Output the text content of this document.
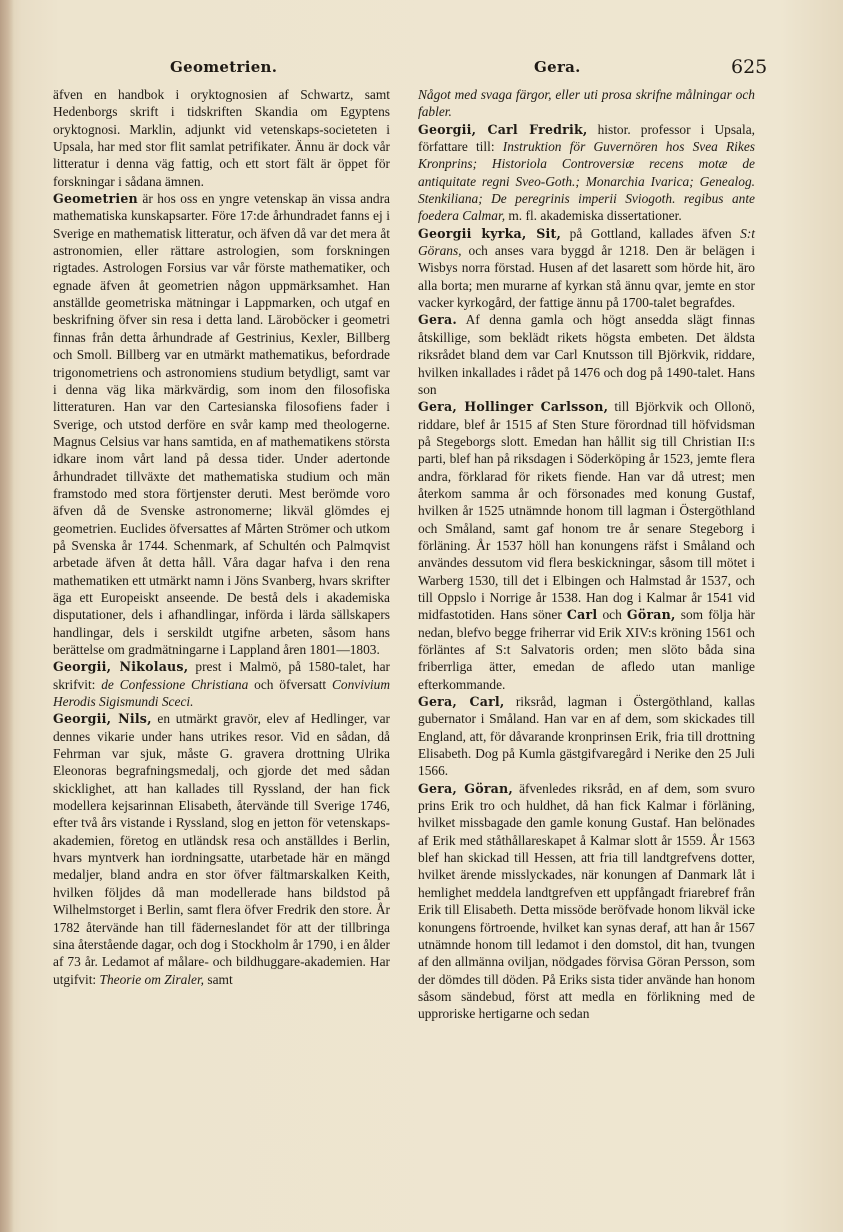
Geometrien.	Gera.	625

äfven en handbok i oryktognosien af Schwartz, samt Hedenborgs skrift i tidskriften Skandia om Egyptens oryktognosi. Marklin, adjunkt vid vetenskaps-societeten i Upsala, har med stor flit samlat petrifikater. Ännu är dock vår litteratur i denna väg fattig, och ett stort fält är öppet för forskningar i sådana ämnen.

Geometrien är hos oss en yngre vetenskap än vissa andra mathematiska kunskapsarter. Före 17:de århundradet fanns ej i Sverige en mathematisk litteratur, och äfven då var det mera åt astronomien, eller rättare astrologien, som forskningen rigtades. Astrologen Forsius var vår förste mathematiker, och egnade äfven åt geometrien någon uppmärksamhet. Han anställde geometriska mätningar i Lappmarken, och utgaf en beskrifning öfver sin resa i detta land. Läroböcker i geometri finnas från detta århundrade af Gestrinius, Kexler, Billberg och Smoll. Billberg var en utmärkt mathematikus, befordrade trigonometriens och astronomiens studium betydligt, samt var i denna väg lika märkvärdig, som inom den filosofiska litteraturen. Han var den Cartesianska filosofiens fader i Sverige, och utstod derföre en svår kamp med theologerne. Magnus Celsius var hans samtida, en af mathematikens största idkare inom vårt land på dessa tider. Under adertonde århundradet tillväxte det mathematiska studium och män framstodo med stora förtjenster deruti. Mest berömde voro äfven då de Svenske astronomerne; likväl glömdes ej geometrien. Euclides öfversattes af Mårten Strömer och utkom på Svenska år 1744. Schenmark, af Schultén och Palmqvist arbetade äfven åt detta håll. Våra dagar hafva i den rena mathematiken ett utmärkt namn i Jöns Svanberg, hvars skrifter äga ett Europeiskt anseende. De bestå dels i akademiska disputationer, dels i afhandlingar, införda i lärda sällskapers handlingar, dels i serskildt utgifne arbeten, såsom hans berättelse om gradmätningarne i Lappland åren 1801—1803.

Georgii, Nikolaus, prest i Malmö, på 1580-talet, har skrifvit: de Confessione Christiana och öfversatt Convivium Herodis Sigismundi Sceci.

Georgii, Nils, en utmärkt gravör, elev af Hedlinger, var dennes vikarie under hans utrikes resor. Vid en sådan, då Fehrman var sjuk, måste G. gravera drottning Ulrika Eleonoras begrafningsmedalj, och gjorde det med sådan skicklighet, att han kallades till Ryssland, der han fick modellera kejsarinnan Elisabeth, återvände till Sverige 1746, efter två års vistande i Ryssland, slog en jetton för vetenskaps-akademien, företog en utländsk resa och anställdes i Berlin, hvars myntverk han iordningsatte, utarbetade här en mängd medaljer, bland andra en stor öfver fältmarskalken Keith, hvilken följdes då man modellerade hans bildstod på Wilhelmstorget i Berlin, samt flera öfver Fredrik den store. År 1782 återvände han till fäderneslandet för att der tillbringa sina återstående dagar, och dog i Stockholm år 1790, i en ålder af 73 år. Ledamot af målare- och bildhuggare-akademien. Har utgifvit: Theorie om Ziraler, samt

Något med svaga färgor, eller uti prosa skrifne målningar och fabler.

Georgii, Carl Fredrik, histor. professor i Upsala, författare till: Instruktion för Guvernören hos Svea Rikes Kronprins; Historiola Controversiæ recens motæ de antiquitate regni Sveo-Goth.; Monarchia Ivarica; Genealog. Stenkiliana; De peregrinis imperii Sviogoth. regibus ante foedera Calmar, m. fl. akademiska dissertationer.

Georgii kyrka, Sit, på Gottland, kallades äfven S:t Görans, och anses vara byggd år 1218. Den är belägen i Wisbys norra förstad. Husen af det lasarett som hörde hit, äro alla borta; men murarne af kyrkan stå ännu qvar, jemte en stor vacker kyrkogård, der fattige ännu på 1700-talet begrafdes.

Gera. Af denna gamla och högt ansedda slägt finnas åtskillige, som beklädt rikets högsta embeten. Det äldsta riksrådet bland dem var Carl Knutsson till Björkvik, riddare, hvilken inkallades i rådet på 1476 och dog på 1490-talet. Hans son

Gera, Hollinger Carlsson, till Björkvik och Ollonö, riddare, blef år 1515 af Sten Sture förordnad till höfvidsman på Stegeborgs slott. Emedan han hållit sig till Christian II:s parti, blef han på riksdagen i Söderköping år 1523, jemte flera andra, förklarad för rikets fiende. Han var då utrest; men återkom samma år och försonades med konung Gustaf, hvilken år 1525 utnämnde honom till lagman i Östergöthland och Småland, samt gaf honom tre år senare Stegeborg i förläning. År 1537 höll han konungens räfst i Småland och användes dessutom vid flera beskickningar, såsom till mötet i Warberg 1530, till det i Elbingen och Halmstad år 1537, och till Oppslo i Norrige år 1538. Han dog i Kalmar år 1541 vid midfastotiden. Hans söner Carl och Göran, som följa här nedan, blefvo begge friherrar vid Erik XIV:s kröning 1561 och förläntes af S:t Salvatoris orden; men slöto båda sina friberrliga ätter, emedan de afledo utan manlige efterkommande.

Gera, Carl, riksråd, lagman i Östergöthland, kallas gubernator i Småland. Han var en af dem, som skickades till England, att, för dåvarande kronprinsen Erik, fria till drottning Elisabeth. Dog på Kumla gästgifvaregård i Nerike den 25 Juli 1566.

Gera, Göran, äfvenledes riksråd, en af dem, som svuro prins Erik tro och huldhet, då han fick Kalmar i förläning, hvilket missbagade den gamle konung Gustaf. Han belönades af Erik med ståthållareskapet å Kalmar slott år 1559. År 1563 blef han skickad till Hessen, att fria till landtgrefvens dotter, hvilket ärende misslyckades, när konungen af Danmark låt i hemlighet meddela landtgrefven ett uppfångadt friarebref från Erik till Elisabeth. Detta missöde beröfvade honom likväl icke konungens förtroende, hvilket kan synas deraf, att han år 1567 utnämnde honom till ledamot i den domstol, dit han, tvungen af den allmänna oviljan, nödgades förvisa Göran Persson, som der dömdes till döden. På Eriks sista tider använde han honom såsom sändebud, först att medla en förlikning med de upproriske hertigarne och sedan
